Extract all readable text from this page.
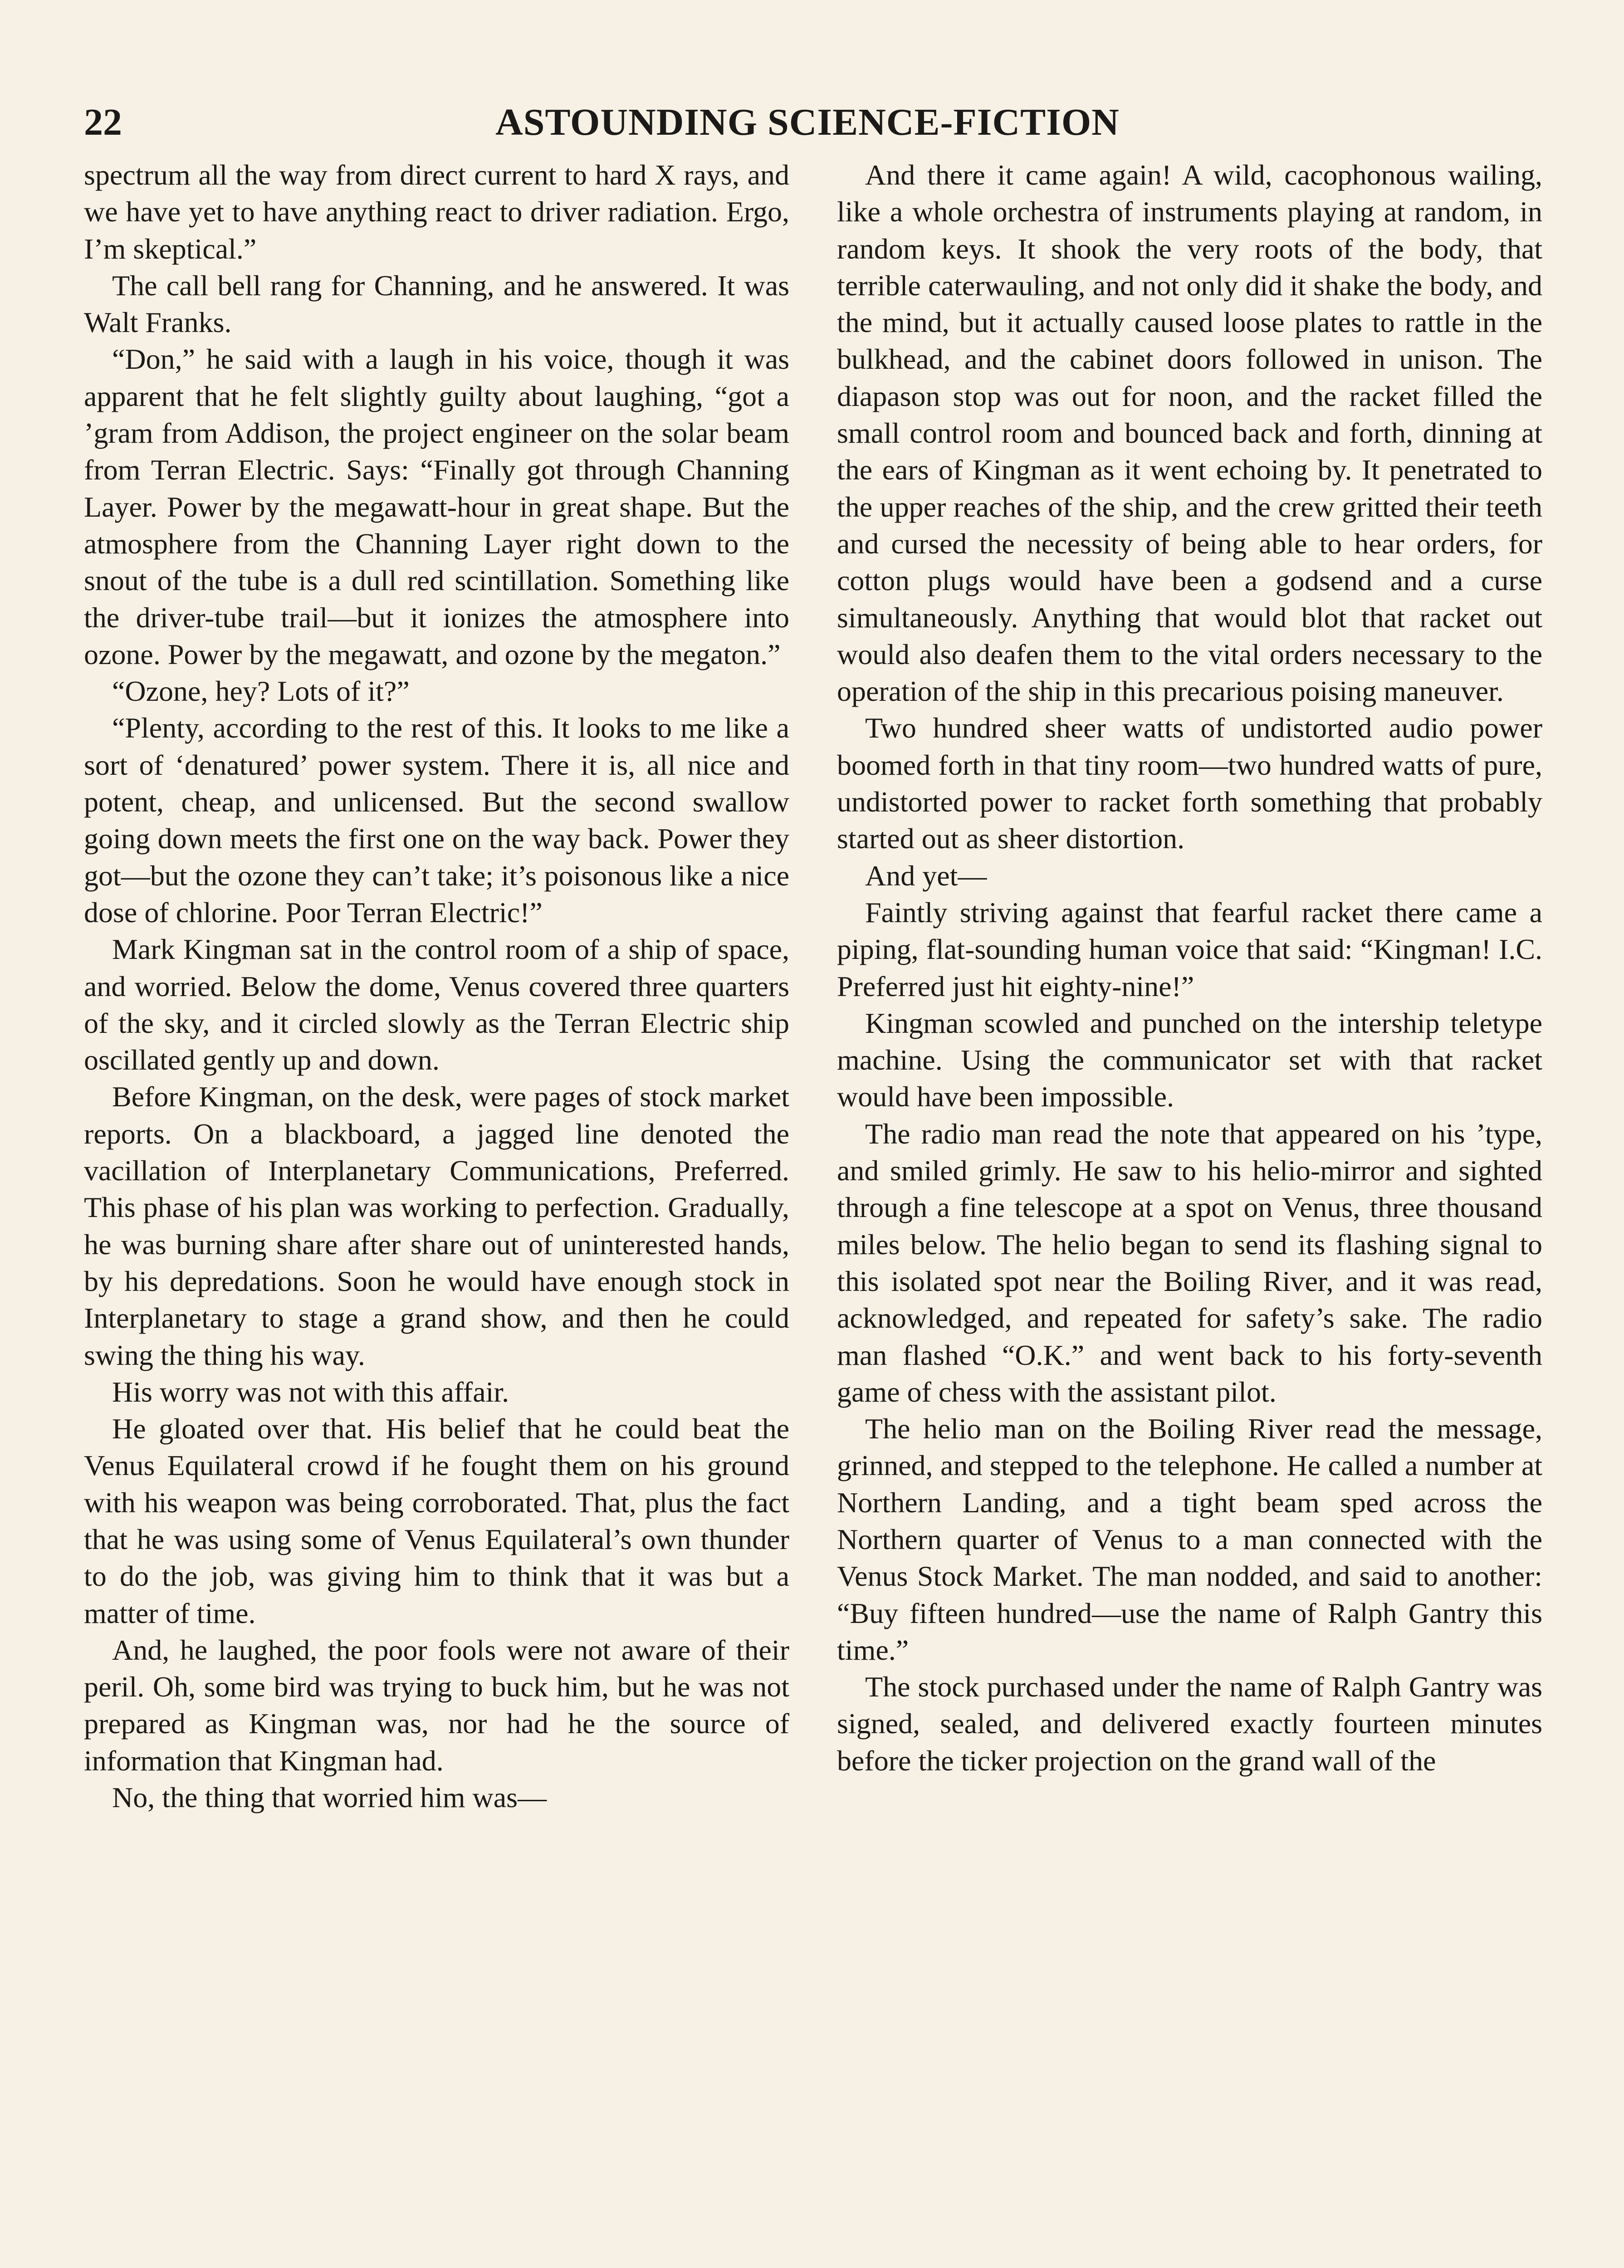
22	ASTOUNDING SCIENCE-FICTION

spectrum all the way from direct current to hard X rays, and we have yet to have anything react to driver radiation. Ergo, I’m skeptical.”

The call bell rang for Channing, and he answered. It was Walt Franks.

“Don,” he said with a laugh in his voice, though it was apparent that he felt slightly guilty about laughing, “got a ’gram from Addison, the project engineer on the solar beam from Terran Electric. Says: “Finally got through Channing Layer. Power by the megawatt-hour in great shape. But the atmosphere from the Channing Layer right down to the snout of the tube is a dull red scintillation. Something like the driver-tube trail—but it ionizes the atmosphere into ozone. Power by the megawatt, and ozone by the megaton.”

“Ozone, hey? Lots of it?”

“Plenty, according to the rest of this. It looks to me like a sort of ‘denatured’ power system. There it is, all nice and potent, cheap, and unlicensed. But the second swallow going down meets the first one on the way back. Power they got—but the ozone they can’t take; it’s poisonous like a nice dose of chlorine. Poor Terran Electric!”

Mark Kingman sat in the control room of a ship of space, and worried. Below the dome, Venus covered three quarters of the sky, and it circled slowly as the Terran Electric ship oscillated gently up and down.

Before Kingman, on the desk, were pages of stock market reports. On a blackboard, a jagged line denoted the vacillation of Interplanetary Communications, Preferred. This phase of his plan was working to perfection. Gradually, he was burning share after share out of uninterested hands, by his depredations. Soon he would have enough stock in Interplanetary to stage a grand show, and then he could swing the thing his way.

His worry was not with this affair.

He gloated over that. His belief that he could beat the Venus Equilateral crowd if he fought them on his ground with his weapon was being corroborated. That, plus the fact that he was using some of Venus Equilateral’s own thunder to do the job, was giving him to think that it was but a matter of time.

And, he laughed, the poor fools were not aware of their peril. Oh, some bird was trying to buck him, but he was not prepared as Kingman was, nor had he the source of information that Kingman had.

No, the thing that worried him was—

And there it came again! A wild, cacophonous wailing, like a whole orchestra of instruments playing at random, in random keys. It shook the very roots of the body, that terrible caterwauling, and not only did it shake the body, and the mind, but it actually caused loose plates to rattle in the bulkhead, and the cabinet doors followed in unison. The diapason stop was out for noon, and the racket filled the small control room and bounced back and forth, dinning at the ears of Kingman as it went echoing by. It penetrated to the upper reaches of the ship, and the crew gritted their teeth and cursed the necessity of being able to hear orders, for cotton plugs would have been a godsend and a curse simultaneously. Anything that would blot that racket out would also deafen them to the vital orders necessary to the operation of the ship in this precarious poising maneuver.

Two hundred sheer watts of undistorted audio power boomed forth in that tiny room—two hundred watts of pure, undistorted power to racket forth something that probably started out as sheer distortion.

And yet—

Faintly striving against that fearful racket there came a piping, flat-sounding human voice that said: “Kingman! I.C. Preferred just hit eighty-nine!”

Kingman scowled and punched on the intership teletype machine. Using the communicator set with that racket would have been impossible.

The radio man read the note that appeared on his ’type, and smiled grimly. He saw to his helio-mirror and sighted through a fine telescope at a spot on Venus, three thousand miles below. The helio began to send its flashing signal to this isolated spot near the Boiling River, and it was read, acknowledged, and repeated for safety’s sake. The radio man flashed “O.K.” and went back to his forty-seventh game of chess with the assistant pilot.

The helio man on the Boiling River read the message, grinned, and stepped to the telephone. He called a number at Northern Landing, and a tight beam sped across the Northern quarter of Venus to a man connected with the Venus Stock Market. The man nodded, and said to another: “Buy fifteen hundred—use the name of Ralph Gantry this time.”

The stock purchased under the name of Ralph Gantry was signed, sealed, and delivered exactly fourteen minutes before the ticker projection on the grand wall of the
